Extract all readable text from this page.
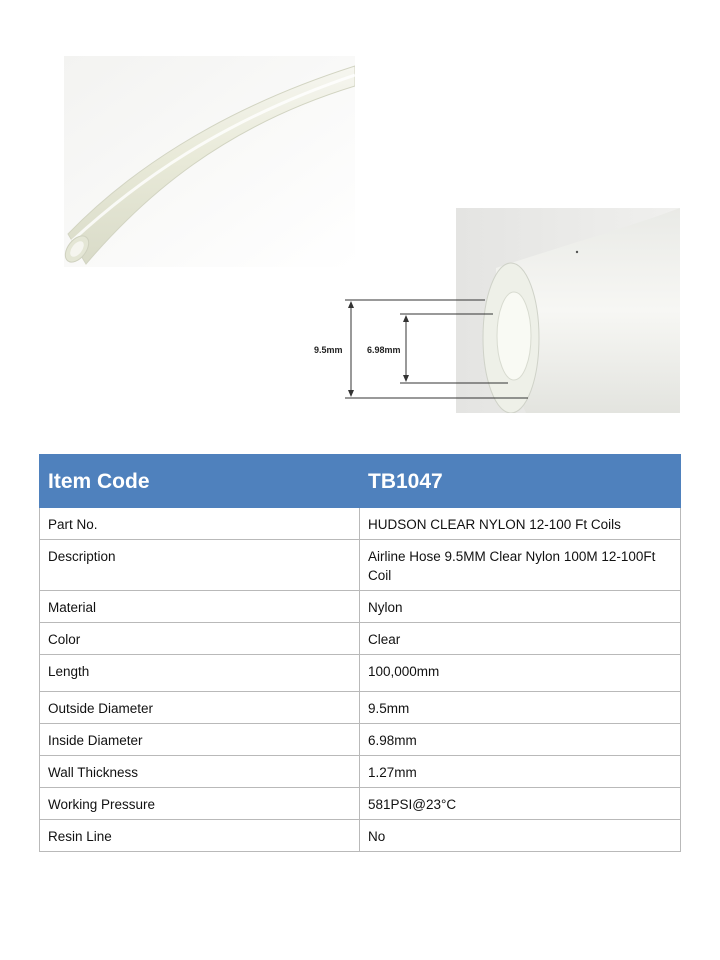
9.5mm	6.98mm
Item Code	TB1047
Part No.	HUDSON CLEAR NYLON 12-100 Ft Coils
Description	Airline Hose 9.5MM Clear Nylon 100M 12-100Ft Coil
Material	Nylon
Color	Clear
Length	100,000mm
Outside Diameter	9.5mm
Inside Diameter	6.98mm
Wall Thickness	1.27mm
Working Pressure	581PSI@23°C
Resin Line	No
